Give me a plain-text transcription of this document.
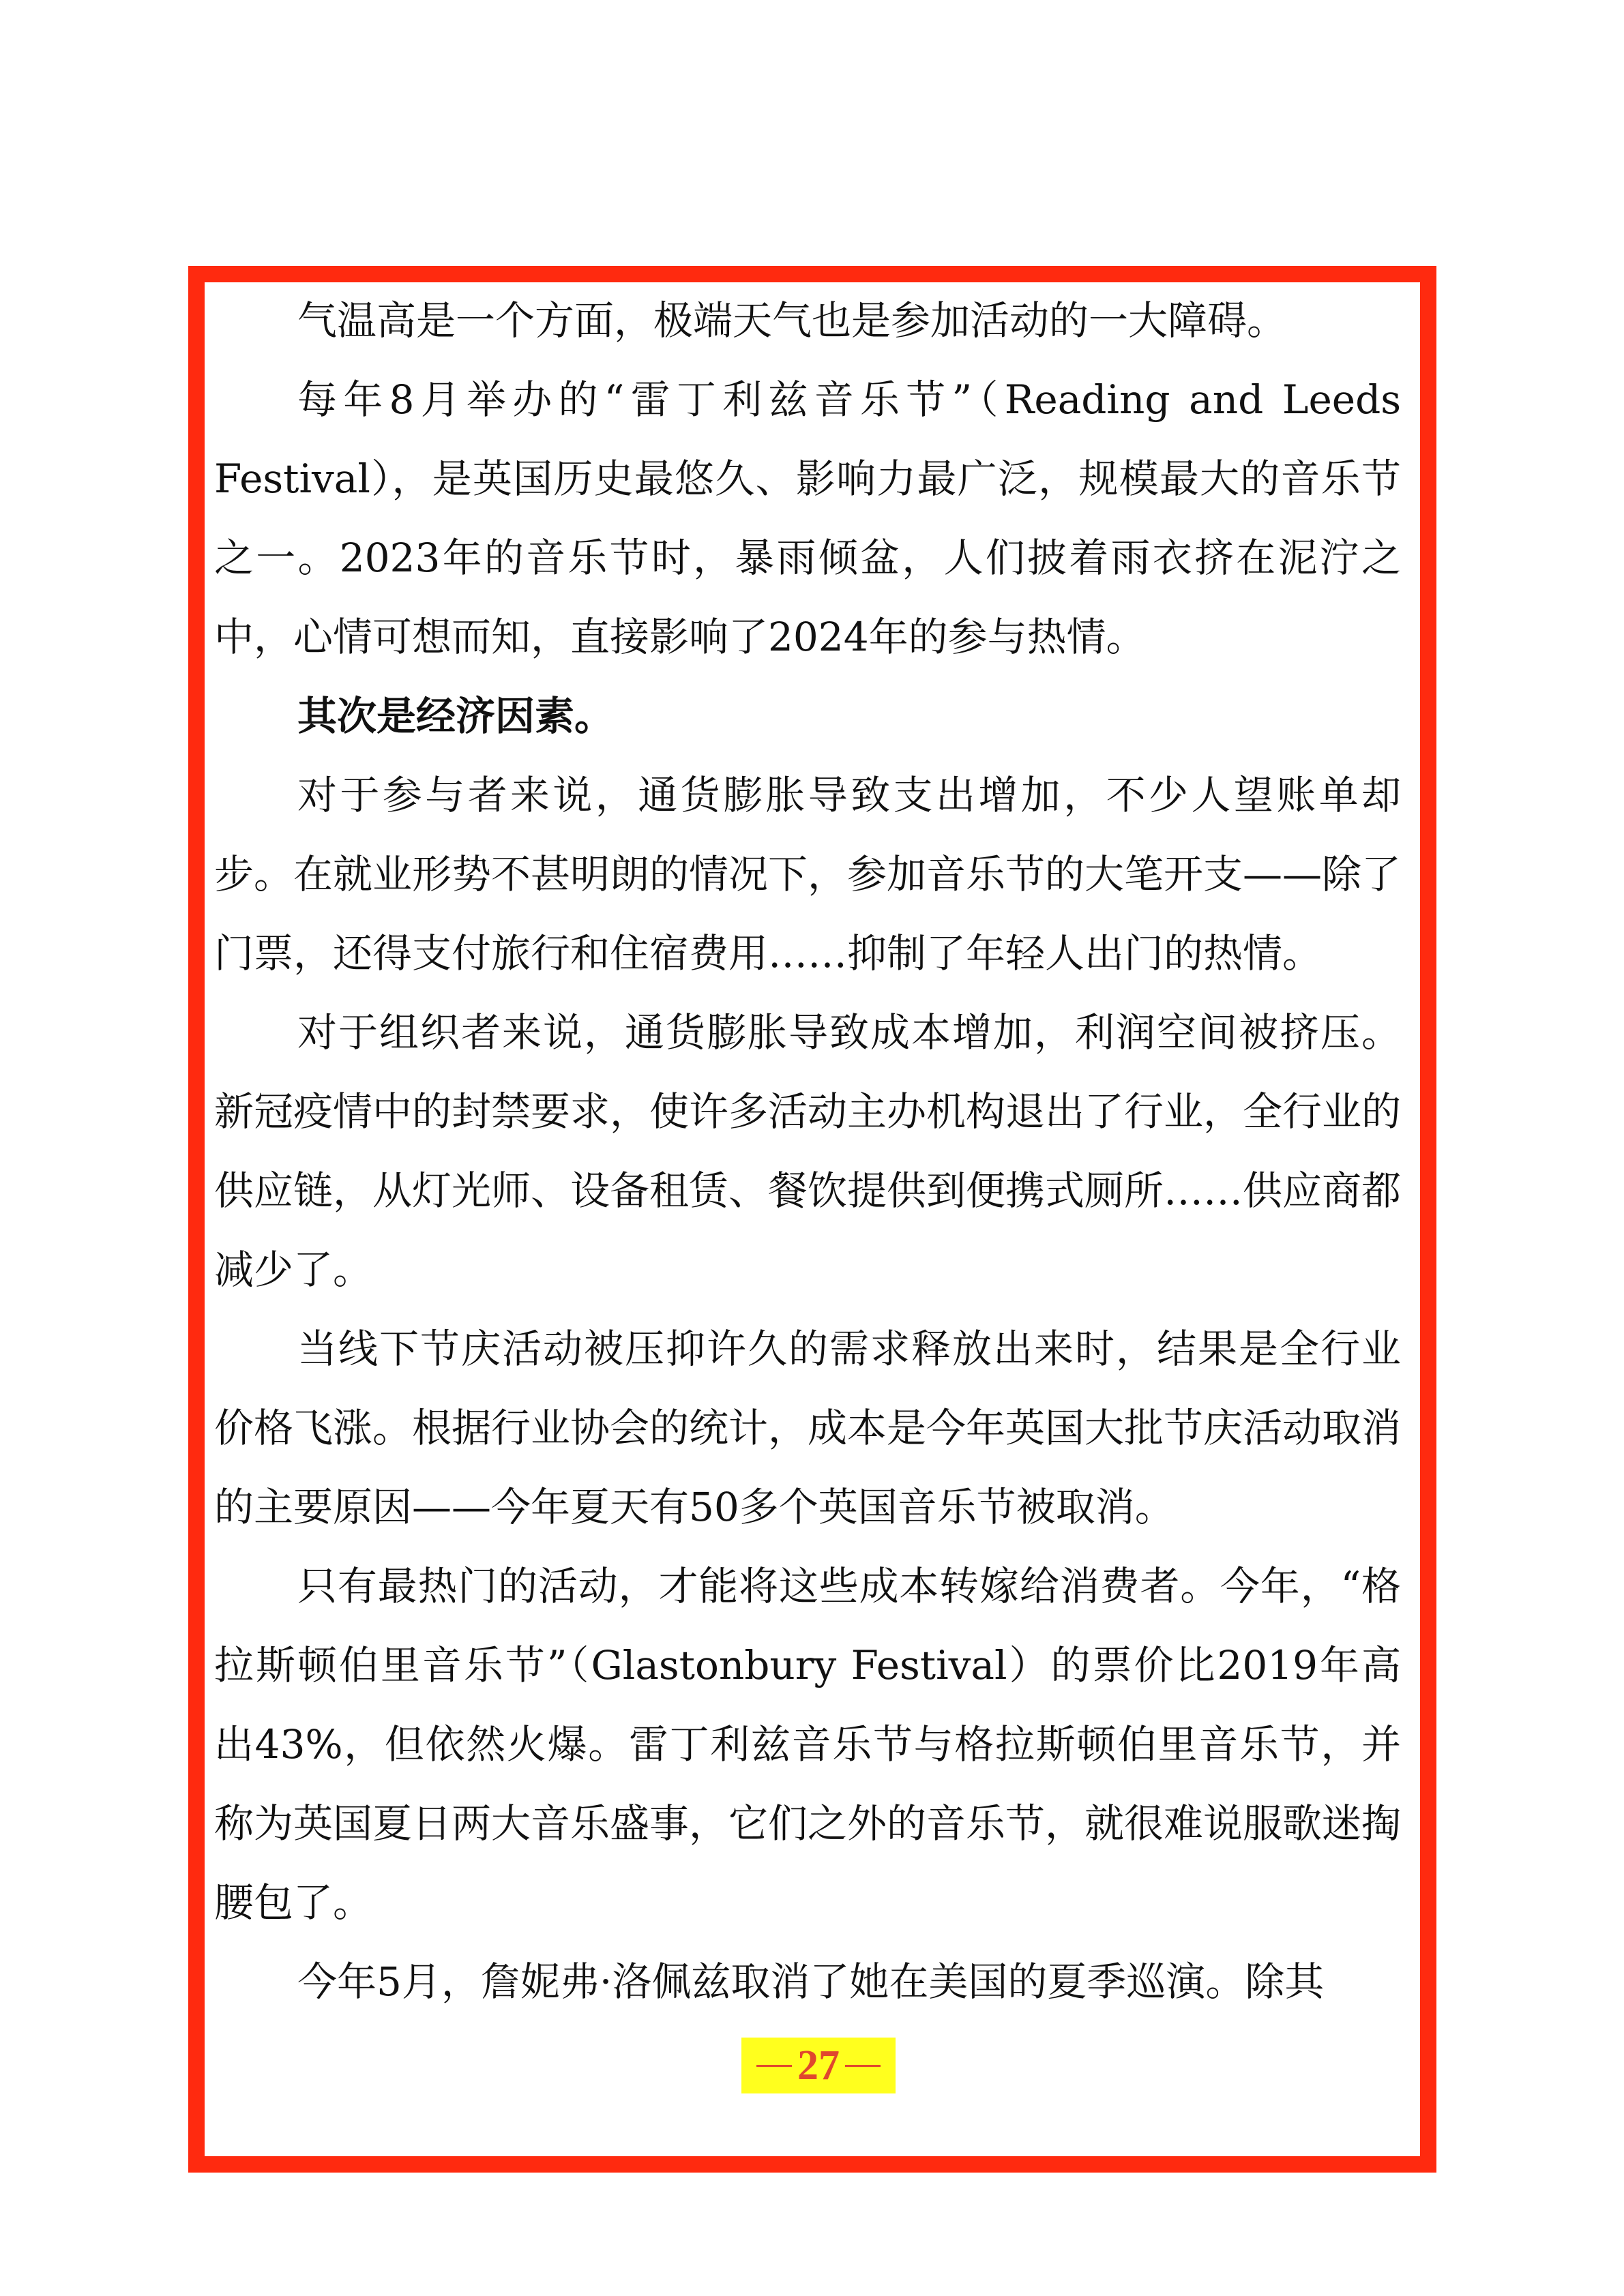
气温高是一个方面，极端天气也是参加活动的一大障碍。

每年8月举办的“雷丁利兹音乐节”（Reading and Leeds Festival），是英国历史最悠久、影响力最广泛，规模最大的音乐节之一。2023年的音乐节时，暴雨倾盆，人们披着雨衣挤在泥泞之中，心情可想而知，直接影响了2024年的参与热情。

其次是经济因素。

对于参与者来说，通货膨胀导致支出增加，不少人望账单却步。在就业形势不甚明朗的情况下，参加音乐节的大笔开支——除了门票，还得支付旅行和住宿费用……抑制了年轻人出门的热情。

对于组织者来说，通货膨胀导致成本增加，利润空间被挤压。新冠疫情中的封禁要求，使许多活动主办机构退出了行业，全行业的供应链，从灯光师、设备租赁、餐饮提供到便携式厕所……供应商都减少了。

当线下节庆活动被压抑许久的需求释放出来时，结果是全行业价格飞涨。根据行业协会的统计，成本是今年英国大批节庆活动取消的主要原因——今年夏天有50多个英国音乐节被取消。

只有最热门的活动，才能将这些成本转嫁给消费者。今年，“格拉斯顿伯里音乐节”（Glastonbury Festival）的票价比2019年高出43%，但依然火爆。雷丁利兹音乐节与格拉斯顿伯里音乐节，并称为英国夏日两大音乐盛事，它们之外的音乐节，就很难说服歌迷掏腰包了。

今年5月，詹妮弗·洛佩兹取消了她在美国的夏季巡演。除其

27
